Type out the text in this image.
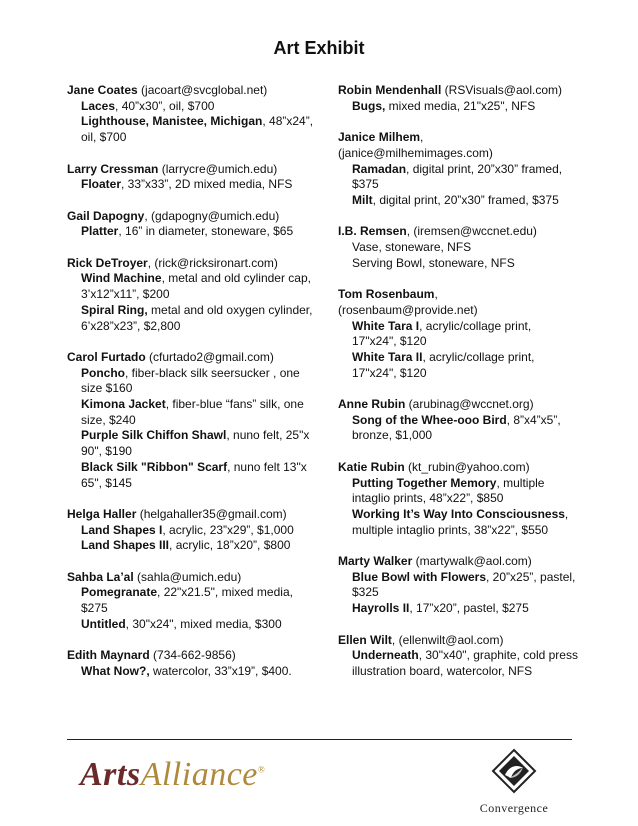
Art Exhibit
Jane Coates (jacoart@svcglobal.net)
Laces, 40”x30”, oil, $700
Lighthouse, Manistee, Michigan, 48”x24”, oil, $700
Larry Cressman (larrycre@umich.edu)
Floater, 33”x33”, 2D mixed media, NFS
Gail Dapogny, (gdapogny@umich.edu)
Platter, 16” in diameter, stoneware, $65
Rick DeTroyer, (rick@ricksironart.com)
Wind Machine, metal and old cylinder cap, 3’x12”x11”, $200
Spiral Ring, metal and old oxygen cylinder, 6’x28”x23”, $2,800
Carol Furtado (cfurtado2@gmail.com)
Poncho, fiber-black silk seersucker , one size $160
Kimona Jacket, fiber-blue “fans” silk, one size, $240
Purple Silk Chiffon Shawl, nuno felt, 25"x 90", $190
Black Silk "Ribbon" Scarf, nuno felt 13"x 65", $145
Helga Haller (helgahaller35@gmail.com)
Land Shapes I, acrylic, 23”x29”, $1,000
Land Shapes III, acrylic, 18”x20”, $800
Sahba La’al (sahla@umich.edu)
Pomegranate, 22"x21.5", mixed media, $275
Untitled, 30"x24", mixed media, $300
Edith Maynard (734-662-9856)
What Now?, watercolor, 33”x19”, $400.
Robin Mendenhall (RSVisuals@aol.com)
Bugs, mixed media, 21"x25", NFS
Janice Milhem, (janice@milhemimages.com)
Ramadan, digital print, 20”x30” framed, $375
Milt, digital print, 20”x30” framed, $375
I.B. Remsen, (iremsen@wccnet.edu)
Vase, stoneware, NFS
Serving Bowl, stoneware, NFS
Tom Rosenbaum, (rosenbaum@provide.net)
White Tara I, acrylic/collage print, 17"x24", $120
White Tara II, acrylic/collage print, 17"x24", $120
Anne Rubin (arubinag@wccnet.org)
Song of the Whee-ooo Bird, 8”x4”x5”, bronze, $1,000
Katie Rubin (kt_rubin@yahoo.com)
Putting Together Memory, multiple intaglio prints, 48”x22”, $850
Working It’s Way Into Consciousness, multiple intaglio prints, 38”x22”, $550
Marty Walker (martywalk@aol.com)
Blue Bowl with Flowers, 20”x25”, pastel, $325
Hayrolls II, 17”x20”, pastel, $275
Ellen Wilt, (ellenwilt@aol.com)
Underneath, 30"x40", graphite, cold press illustration board, watercolor, NFS
ArtsAlliance®
Convergence
